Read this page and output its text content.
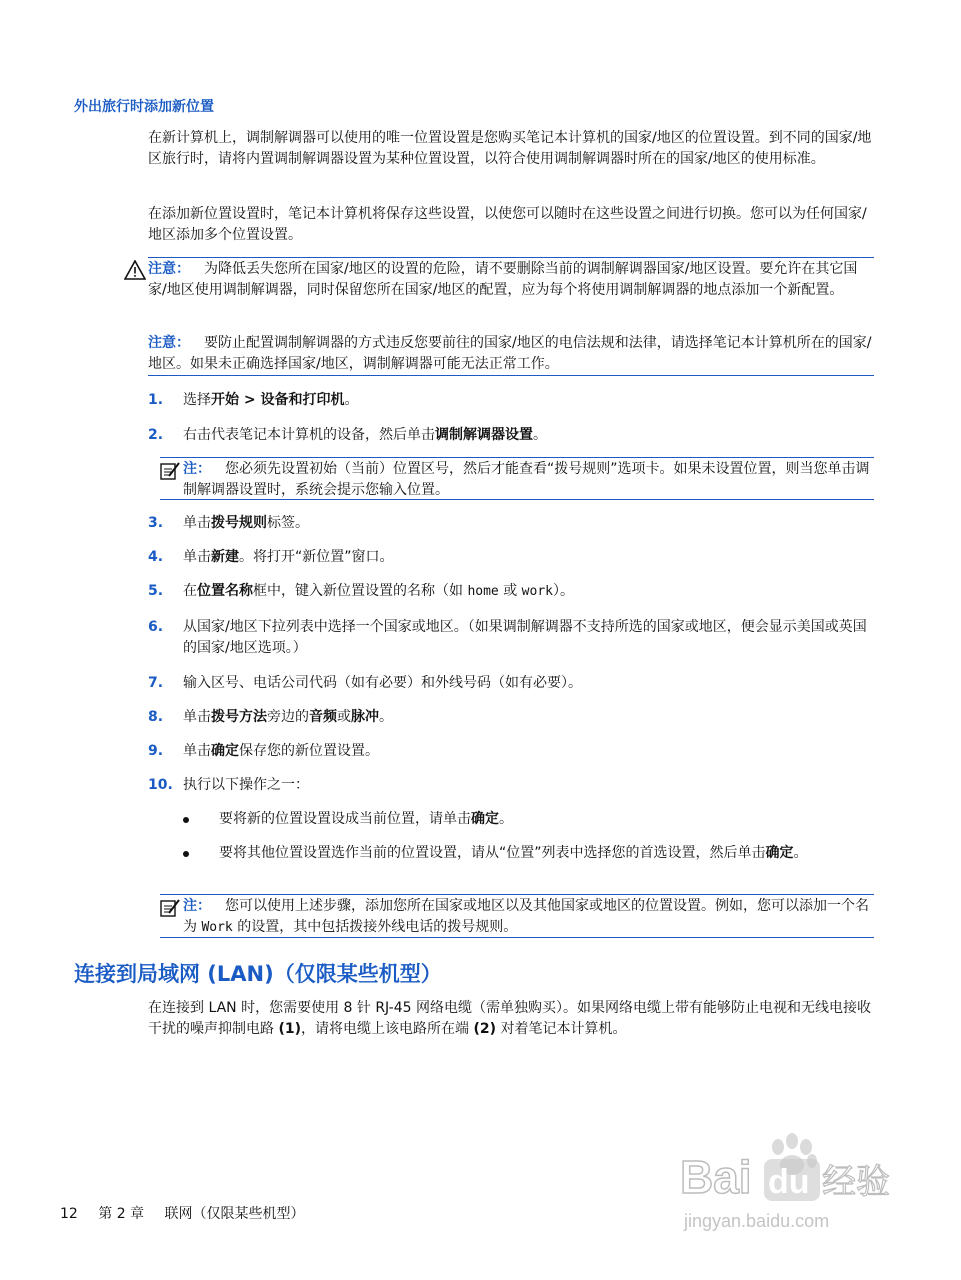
外出旅行时添加新位置
在新计算机上，调制解调器可以使用的唯一位置设置是您购买笔记本计算机的国家/地区的位置设置。到不同的国家/地区旅行时，请将内置调制解调器设置为某种位置设置，以符合使用调制解调器时所在的国家/地区的使用标准。
在添加新位置设置时，笔记本计算机将保存这些设置，以使您可以随时在这些设置之间进行切换。您可以为任何国家/地区添加多个位置设置。
注意： 为降低丢失您所在国家/地区的设置的危险，请不要删除当前的调制解调器国家/地区设置。要允许在其它国家/地区使用调制解调器，同时保留您所在国家/地区的配置，应为每个将使用调制解调器的地点添加一个新配置。
注意： 要防止配置调制解调器的方式违反您要前往的国家/地区的电信法规和法律，请选择笔记本计算机所在的国家/地区。如果未正确选择国家/地区，调制解调器可能无法正常工作。
1. 选择开始 > 设备和打印机。
2. 右击代表笔记本计算机的设备，然后单击调制解调器设置。
注： 您必须先设置初始（当前）位置区号，然后才能查看“拨号规则”选项卡。如果未设置位置，则当您单击调制解调器设置时，系统会提示您输入位置。
3. 单击拨号规则标签。
4. 单击新建。将打开“新位置”窗口。
5. 在位置名称框中，键入新位置设置的名称（如 home 或 work）。
6. 从国家/地区下拉列表中选择一个国家或地区。（如果调制解调器不支持所选的国家或地区，便会显示美国或英国的国家/地区选项。）
7. 输入区号、电话公司代码（如有必要）和外线号码（如有必要）。
8. 单击拨号方法旁边的音频或脉冲。
9. 单击确定保存您的新位置设置。
10. 执行以下操作之一：
要将新的位置设置设成当前位置，请单击确定。
要将其他位置设置选作当前的位置设置，请从“位置”列表中选择您的首选设置，然后单击确定。
注： 您可以使用上述步骤，添加您所在国家或地区以及其他国家或地区的位置设置。例如，您可以添加一个名为 Work 的设置，其中包括拨接外线电话的拨号规则。
连接到局域网 (LAN)（仅限某些机型）
在连接到 LAN 时，您需要使用 8 针 RJ-45 网络电缆（需单独购买）。如果网络电缆上带有能够防止电视和无线电接收干扰的噪声抑制电路 (1)，请将电缆上该电路所在端 (2) 对着笔记本计算机。
Bai du 经验
jingyan.baidu.com
12 第 2 章 联网（仅限某些机型）
